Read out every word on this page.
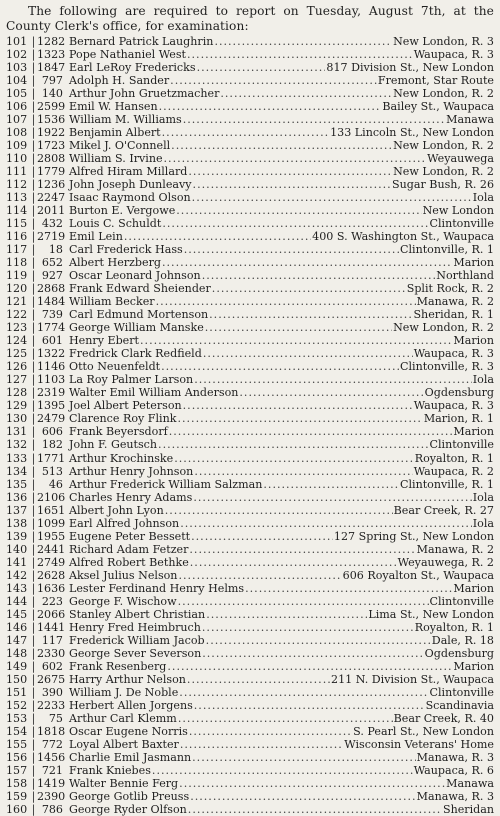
The following are required to report on Tuesday, August 7th, at the County Clerk's office, for examination:

101 | 1282 Bernard Patrick Laughrin .....	New London, R. 3
102 | 1323 Pope Nathaniel West .....	Waupaca, R. 3
103 | 1847 Earl LeRoy Fredericks .....	817 Division St., New London
104 | 797 Adolph H. Sander .....	Fremont, Star Route
105 | 140 Arthur John Gruetzmacher .....	New London, R. 2
106 | 2599 Emil W. Hansen .....	Bailey St., Waupaca
107 | 1536 William M. Williams .....	Manawa
108 | 1922 Benjamin Albert .....	133 Lincoln St., New London
109 | 1723 Mikel J. O'Connell .....	New London, R. 2
110 | 2808 William S. Irvine .....	Weyauwega
111 | 1779 Alfred Hiram Millard .....	New London, R. 2
112 | 1236 John Joseph Dunleavy .....	Sugar Bush, R. 26
113 | 2247 Isaac Raymond Olson .....	Iola
114 | 2011 Burton E. Vergowe .....	New London
115 | 432 Louis C. Schuldt .....	Clintonville
116 | 2719 Emil Lein .....	400 S. Washington St., Waupaca
117 |	18 Carl Frederick Hass .....	Clintonville, R. 1
118 | 652 Albert Herzberg .....	Marion
119 | 927 Oscar Leonard Johnson .....	Northland
120 | 2868 Frank Edward Sheiender .....	Split Rock, R. 2
121 | 1484 William Becker .....	Manawa, R. 2
122 | 739 Carl Edmund Mortenson .....	Sheridan, R. 1
123 | 1774 George William Manske .....	New London, R. 2
124 | 601 Henry Ebert .....	Marion
125 | 1322 Fredrick Clark Redfield .....	Waupaca, R. 3
126 | 1146 Otto Neuenfeldt .....	Clintonville, R. 3
127 | 1103 La Roy Palmer Larson .....	Iola
128 | 2319 Walter Emil William Anderson .....	Ogdensburg
129 | 1395 Joel Albert Peterson .....	Waupaca, R. 3
130 | 2479 Clarence Roy Flink .....	Marion, R. 1
131 | 606 Frank Beyersdorf .....	Marion
132 | 182 John F. Geutsch .....	Clintonville
133 | 1771 Arthur Krochinske .....	Royalton, R. 1
134 | 513 Arthur Henry Johnson .....	Waupaca, R. 2
135 |	46 Arthur Frederick William Salzman .....	Clintonville, R. 1
136 | 2106 Charles Henry Adams .....	Iola
137 | 1651 Albert John Lyon .....	Bear Creek, R. 27
138 | 1099 Earl Alfred Johnson .....	Iola
139 | 1955 Eugene Peter Bessett .....	127 Spring St., New London
140 | 2441 Richard Adam Fetzer .....	Manawa, R. 2
141 | 2749 Alfred Robert Bethke .....	Weyauwega, R. 2
142 | 2628 Aksel Julius Nelson .....	606 Royalton St., Waupaca
143 | 1636 Lester Ferdinand Henry Helms .....	Marion
144 | 223 George F. Wischow .....	Clintonville
145 | 2066 Stanley Albert Christian .....	Lima St., New London
146 | 1441 Henry Fred Heimbruch .....	Royalton, R. 1
147 | 117 Frederick William Jacob .....	Dale, R. 18
148 | 2330 George Sever Severson .....	Ogdensburg
149 | 602 Frank Resenberg .....	Marion
150 | 2675 Harry Arthur Nelson .....	211 N. Division St., Waupaca
151 | 390 William J. De Noble .....	Clintonville
152 | 2233 Herbert Allen Jorgens .....	Scandinavia
153 |	75 Arthur Carl Klemm .....	Bear Creek, R. 40
154 | 1818 Oscar Eugene Norris .....	S. Pearl St., New London
155 | 772 Loyal Albert Baxter .....	Wisconsin Veterans' Home
156 | 1456 Charlie Emil Jasmann .....	Manawa, R. 3
157 | 721 Frank Kniebes .....	Waupaca, R. 6
158 | 1419 Walter Bennie Ferg .....	Manawa
159 | 2390 George Gotlib Preuss .....	Manawa, R. 3
160 | 786 George Ryder Olfson .....	Sheridan
